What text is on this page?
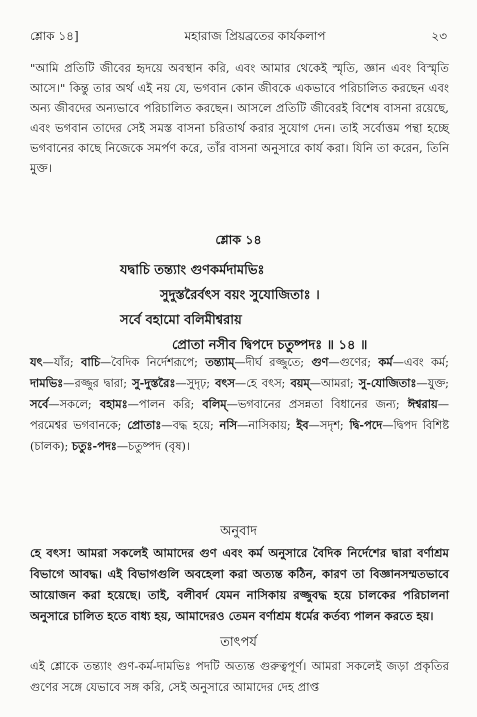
শ্লোক ১৪]	মহারাজ প্রিয়ব্রতের কার্যকলাপ	২৩

"আমি প্রতিটি জীবের হৃদয়ে অবস্থান করি, এবং আমার থেকেই স্মৃতি, জ্ঞান এবং বিস্মৃতি আসে।" কিন্তু তার অর্থ এই নয় যে, ভগবান কোন জীবকে একভাবে পরিচালিত করছেন এবং অন্য জীবদের অন্যভাবে পরিচালিত করছেন। আসলে প্রতিটি জীবেরই বিশেষ বাসনা রয়েছে, এবং ভগবান তাদের সেই সমস্ত বাসনা চরিতার্থ করার সুযোগ দেন। তাই সর্বোত্তম পন্থা হচ্ছে ভগবানের কাছে নিজেকে সমর্পণ করে, তাঁর বাসনা অনুসারে কার্য করা। যিনি তা করেন, তিনি মুক্ত।

শ্লোক ১৪
যদ্বাচি তন্ত্যাং গুণকর্মদামভিঃ
সুদুস্তরৈর্বৎস বয়ং সুযোজিতাঃ ।
সর্বে বহামো বলিমীশ্বরায়
প্রোতা নসীব দ্বিপদে চতুষ্পদঃ ॥ ১৪ ॥

যৎ—যাঁর; বাচি—বৈদিক নির্দেশরূপে; তন্ত্যাম্—দীর্ঘ রজ্জুতে; গুণ—গুণের; কর্ম—এবং কর্ম; দামভিঃ—রজ্জুর দ্বারা; সু-দুস্তরৈঃ—সুদৃঢ়; বৎস—হে বৎস; বয়ম্—আমরা; সু-যোজিতাঃ—যুক্ত; সর্বে—সকলে; বহামঃ—পালন করি; বলিম্—ভগবানের প্রসন্নতা বিধানের জন্য; ঈশ্বরায়—পরমেশ্বর ভগবানকে; প্রোতাঃ—বদ্ধ হয়ে; নসি—নাসিকায়; ইব—সদৃশ; দ্বি-পদে—দ্বিপদ বিশিষ্ট (চালক); চতুঃ-পদঃ—চতুষ্পদ (বৃষ)।

অনুবাদ

হে বৎস! আমরা সকলেই আমাদের গুণ এবং কর্ম অনুসারে বৈদিক নির্দেশের দ্বারা বর্ণাশ্রম বিভাগে আবদ্ধ। এই বিভাগগুলি অবহেলা করা অত্যন্ত কঠিন, কারণ তা বিজ্ঞানসম্মতভাবে আয়োজন করা হয়েছে। তাই, বলীবর্দ যেমন নাসিকায় রজ্জুবদ্ধ হয়ে চালকের পরিচালনা অনুসারে চালিত হতে বাধ্য হয়, আমাদেরও তেমন বর্ণাশ্রম ধর্মের কর্তব্য পালন করতে হয়।

তাৎপর্য

এই শ্লোকে তন্ত্যাং গুণ-কর্ম-দামভিঃ পদটি অত্যন্ত গুরুত্বপূর্ণ। আমরা সকলেই জড়া প্রকৃতির গুণের সঙ্গে যেভাবে সঙ্গ করি, সেই অনুসারে আমাদের দেহ প্রাপ্ত
